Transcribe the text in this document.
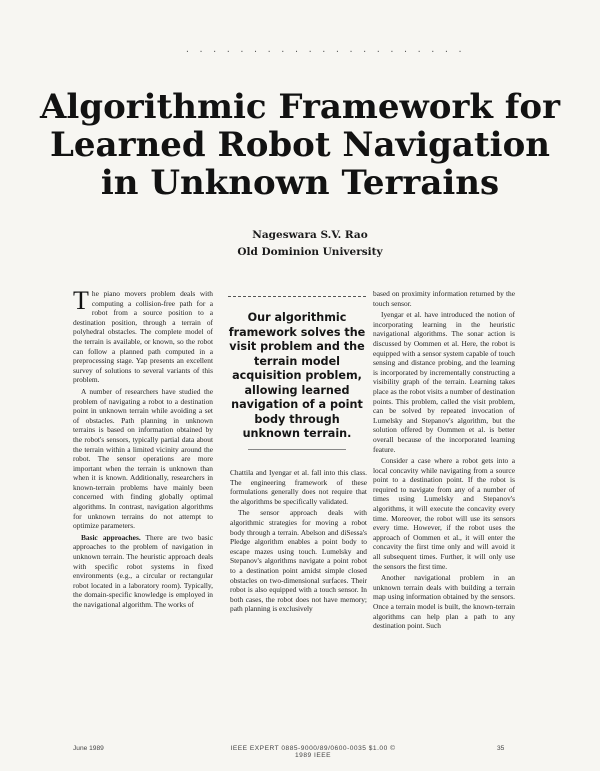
· · · · · · · · · · · · · · · · · · · · ·
Algorithmic Framework for
Learned Robot Navigation
in Unknown Terrains
Nageswara S.V. Rao
Old Dominion University

The piano movers problem deals with computing a collision-free path for a robot from a source position to a destination position, through a terrain of polyhedral obstacles. The complete model of the terrain is available, or known, so the robot can follow a planned path computed in a preprocessing stage. Yap presents an excellent survey of solutions to several variants of this problem.

A number of researchers have studied the problem of navigating a robot to a destination point in unknown terrain while avoiding a set of obstacles. Path planning in unknown terrains is based on information obtained by the robot's sensors, typically partial data about the terrain within a limited vicinity around the robot. The sensor operations are more important when the terrain is unknown than when it is known. Additionally, researchers in known-terrain problems have mainly been concerned with finding globally optimal algorithms. In contrast, navigation algorithms for unknown terrains do not attempt to optimize parameters.

Basic approaches. There are two basic approaches to the problem of navigation in unknown terrain. The heuristic approach deals with specific robot systems in fixed environments (e.g., a circular or rectangular robot located in a laboratory room). Typically, the domain-specific knowledge is employed in the navigational algorithm. The works of

Our algorithmic framework solves the visit problem and the terrain model acquisition problem, allowing learned navigation of a point body through unknown terrain.

Chattila and Iyengar et al. fall into this class. The engineering framework of these formulations generally does not require that the algorithms be specifically validated.

The sensor approach deals with algorithmic strategies for moving a robot body through a terrain. Abelson and diSessa's Pledge algorithm enables a point body to escape mazes using touch. Lumelsky and Stepanov's algorithms navigate a point robot to a destination point amidst simple closed obstacles on two-dimensional surfaces. Their robot is also equipped with a touch sensor. In both cases, the robot does not have memory; path planning is exclusively

based on proximity information returned by the touch sensor.

Iyengar et al. have introduced the notion of incorporating learning in the heuristic navigational algorithms. The sonar action is discussed by Oommen et al. Here, the robot is equipped with a sensor system capable of touch sensing and distance probing, and the learning is incorporated by incrementally constructing a visibility graph of the terrain. Learning takes place as the robot visits a number of destination points. This problem, called the visit problem, can be solved by repeated invocation of Lumelsky and Stepanov's algorithm, but the solution offered by Oommen et al. is better overall because of the incorporated learning feature.

Consider a case where a robot gets into a local concavity while navigating from a source point to a destination point. If the robot is required to navigate from any of a number of times using Lumelsky and Stepanov's algorithms, it will execute the concavity every time. Moreover, the robot will use its sensors every time. However, if the robot uses the approach of Oommen et al., it will enter the concavity the first time only and will avoid it all subsequent times. Further, it will only use the sensors the first time.

Another navigational problem in an unknown terrain deals with building a terrain map using information obtained by the sensors. Once a terrain model is built, the known-terrain algorithms can help plan a path to any destination point. Such

June 1989	IEEE EXPERT 0885-9000/89/0600-0035 $1.00 © 1989 IEEE
35
